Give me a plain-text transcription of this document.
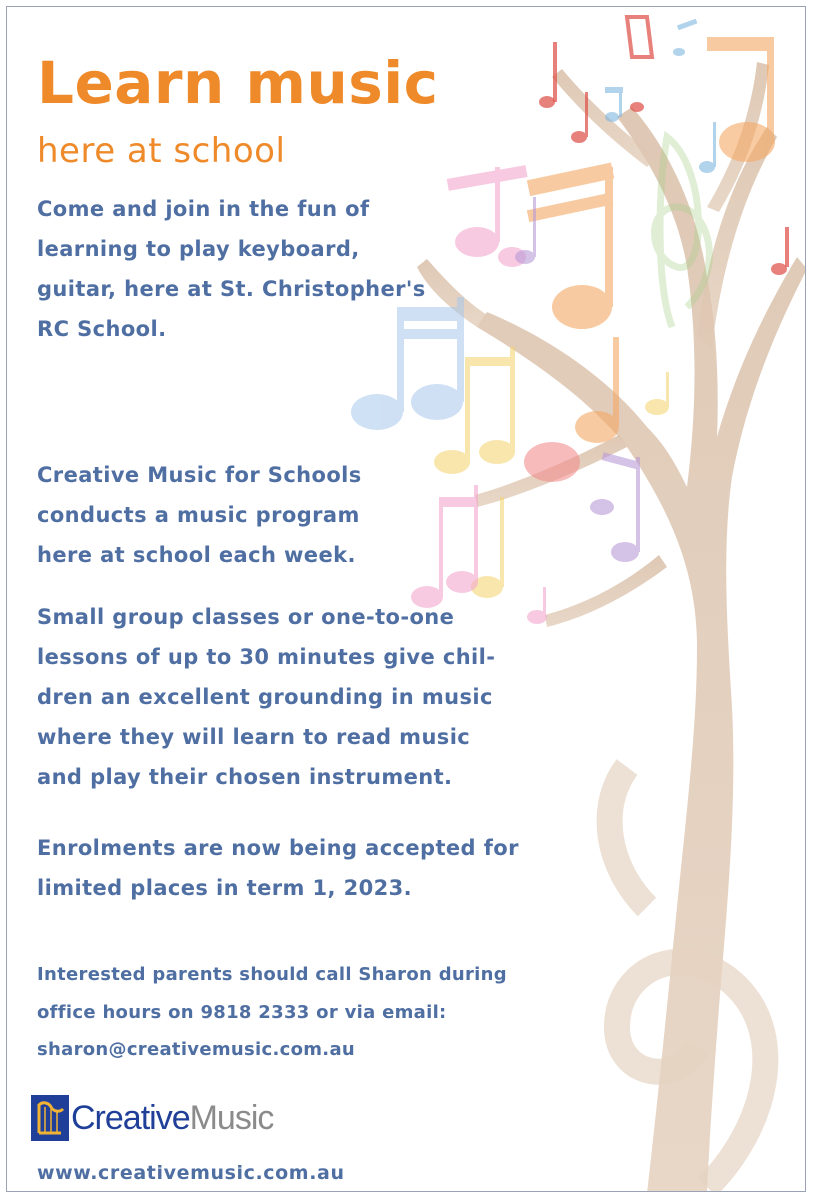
Learn music
here at school
Come and join in the fun of
learning to play keyboard,
guitar, here at St. Christopher's
RC School.
Creative Music for Schools
conducts a music program
here at school each week.
Small group classes or one-to-one
lessons of up to 30 minutes give chil-
dren an excellent grounding in music
where they will learn to read music
and play their chosen instrument.
Enrolments are now being accepted for
limited places in term 1, 2023.
Interested parents should call Sharon during
office hours on 9818 2333 or via email:
sharon@creativemusic.com.au
CreativeMusic
www.creativemusic.com.au
